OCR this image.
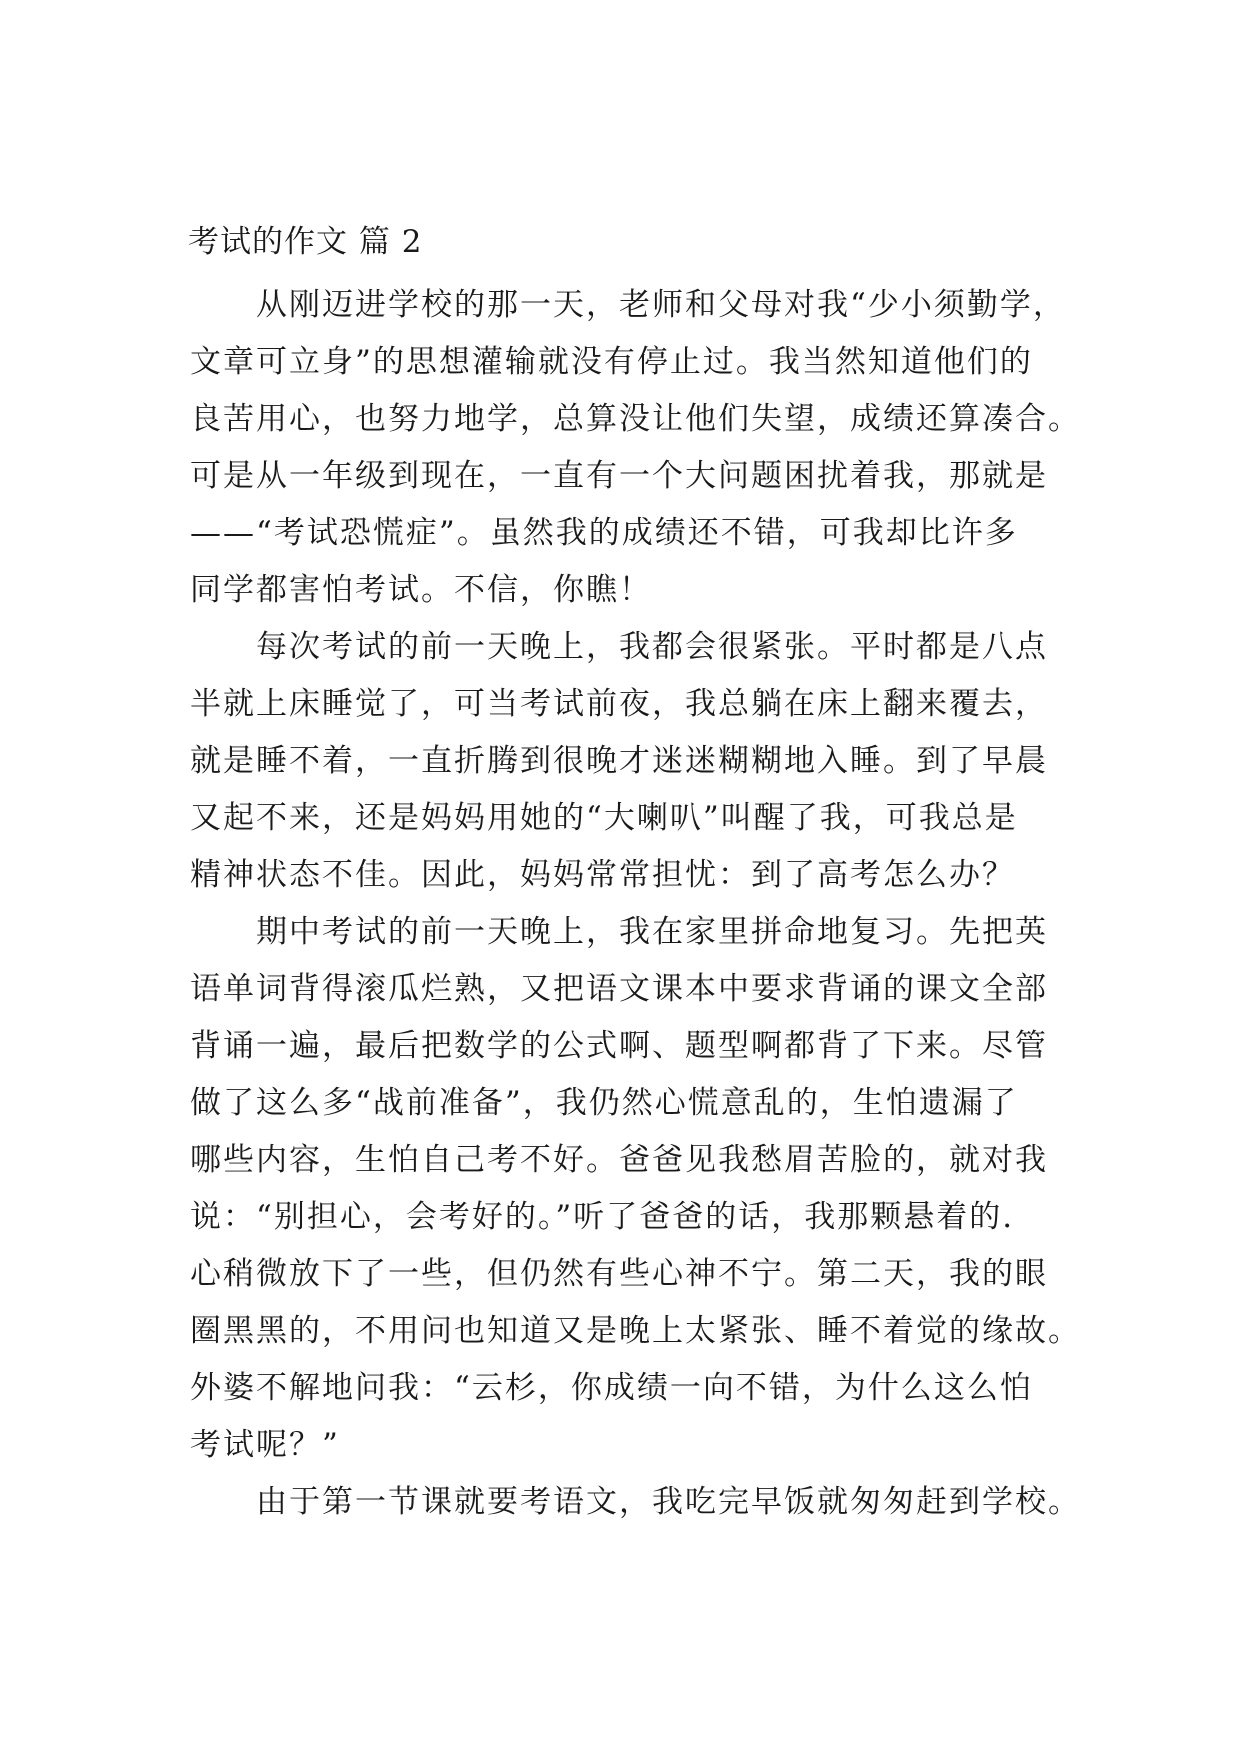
考试的作文 篇 2
从刚迈进学校的那一天，老师和父母对我“少小须勤学，
文章可立身”的思想灌输就没有停止过。我当然知道他们的
良苦用心，也努力地学，总算没让他们失望，成绩还算凑合。
可是从一年级到现在，一直有一个大问题困扰着我，那就是
——“考试恐慌症”。虽然我的成绩还不错，可我却比许多
同学都害怕考试。不信，你瞧！
每次考试的前一天晚上，我都会很紧张。平时都是八点
半就上床睡觉了，可当考试前夜，我总躺在床上翻来覆去，
就是睡不着，一直折腾到很晚才迷迷糊糊地入睡。到了早晨
又起不来，还是妈妈用她的“大喇叭”叫醒了我，可我总是
精神状态不佳。因此，妈妈常常担忧：到了高考怎么办？
期中考试的前一天晚上，我在家里拼命地复习。先把英
语单词背得滚瓜烂熟，又把语文课本中要求背诵的课文全部
背诵一遍，最后把数学的公式啊、题型啊都背了下来。尽管
做了这么多“战前准备”，我仍然心慌意乱的，生怕遗漏了
哪些内容，生怕自己考不好。爸爸见我愁眉苦脸的，就对我
说：“别担心，会考好的。”听了爸爸的话，我那颗悬着的.
心稍微放下了一些，但仍然有些心神不宁。第二天，我的眼
圈黑黑的，不用问也知道又是晚上太紧张、睡不着觉的缘故。
外婆不解地问我：“云杉，你成绩一向不错，为什么这么怕
考试呢？”
由于第一节课就要考语文，我吃完早饭就匆匆赶到学校。
